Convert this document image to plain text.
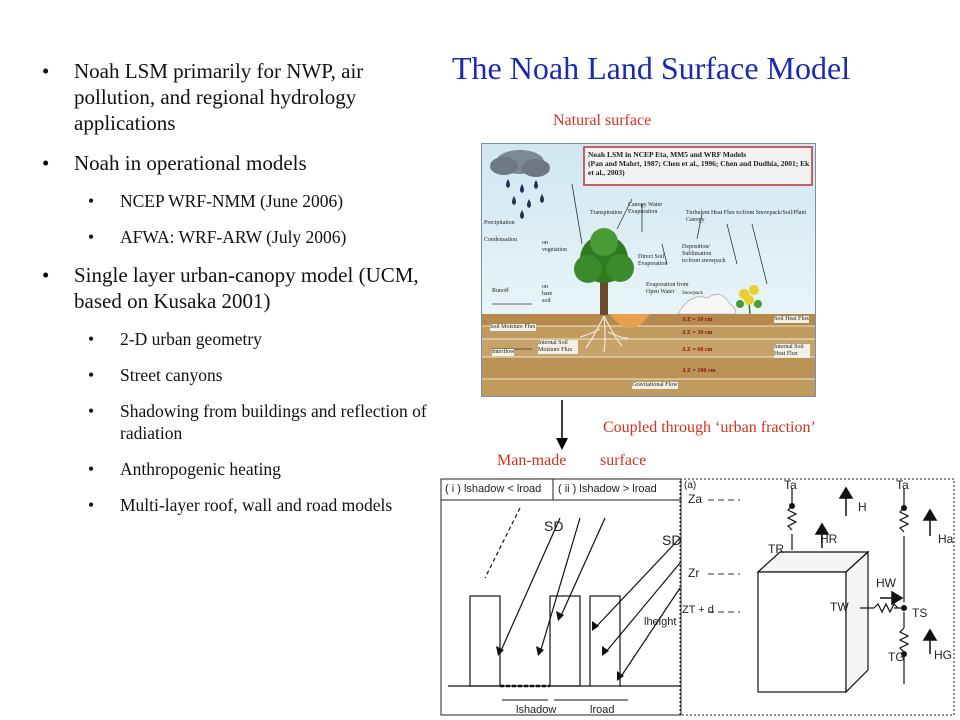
• Noah LSM primarily for NWP, air pollution, and regional hydrology applications
• Noah in operational models
• NCEP WRF-NMM (June 2006)
• AFWA: WRF-ARW (July 2006)
• Single layer urban-canopy model (UCM, based on Kusaka 2001)
• 2-D urban geometry
• Street canyons
• Shadowing from buildings and reflection of radiation
• Anthropogenic heating
• Multi-layer roof, wall and road models
The Noah Land Surface Model
Natural surface
Coupled through ‘urban fraction’
Man-made surface
Noah LSM in NCEP Eta, MM5 and WRF Models
(Pan and Mahrt, 1987; Chen et al., 1996; Chen and Dudhia, 2001; Ek et al., 2003)
Precipitation
Condensation	on vegetation
Transpiration
Canopy Water Evaporation	Turbulent Heat Flux to/from Snowpack/Soil/Plant Canopy
Direct Soil Evaporation
Deposition/ Sublimation to/from snowpack
Snowpack
Runoff
on bare soil
Evaporation from Open Water
Soil Moisture Flux
Interflow
Internal Soil Moisture Flux
Soil Heat Flux
Internal Soil Heat Flux
Gravitational Flow
Δ Z = 10 cm
Δ Z = 30 cm
Δ Z = 60 cm
Δ Z = 100 cm
( i ) lshadow < lroad ( ii ) lshadow > lroad
SD
SD
lheight
lshadow	lroad
(a)
Za
Zr
ZT + d
Ta	Ta
H
TR
HR	Ha
HW
TW	TS
TG HG
